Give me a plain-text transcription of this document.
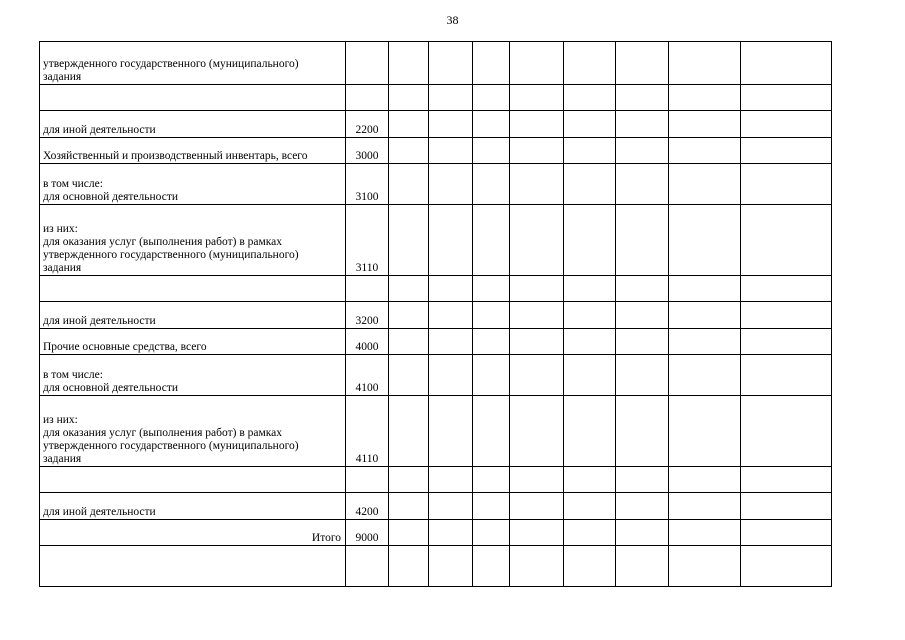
38
утвержденного государственного (муниципального)
задания									

для иной деятельности	2200								

Хозяйственный и производственный инвентарь, всего	3000								

в том числе:
для основной деятельности	3100								

из них:
для оказания услуг (выполнения работ) в рамках
утвержденного государственного (муниципального)
задания	3110								

для иной деятельности	3200								

Прочие основные средства, всего	4000								

в том числе:
для основной деятельности	4100								

из них:
для оказания услуг (выполнения работ) в рамках
утвержденного государственного (муниципального)
задания	4110								

для иной деятельности	4200								

Итого	9000								
